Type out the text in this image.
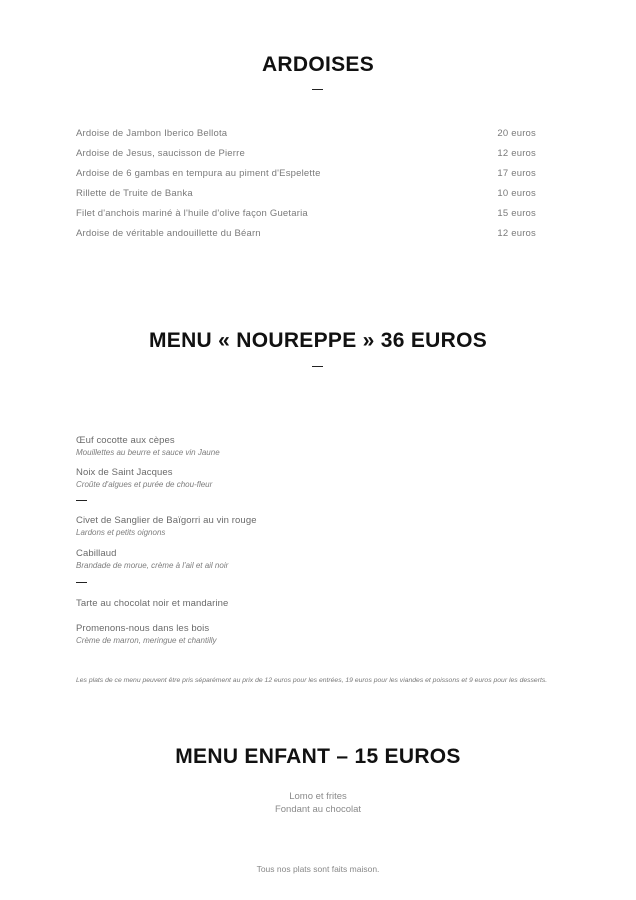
ARDOISES
Ardoise de Jambon Iberico Bellota	20 euros
Ardoise de Jesus, saucisson de Pierre	12 euros
Ardoise de 6 gambas en tempura au piment d'Espelette	17 euros
Rillette de Truite de Banka	10 euros
Filet d'anchois mariné à l'huile d'olive façon Guetaria	15 euros
Ardoise de véritable andouillette du Béarn	12 euros
MENU « NOUREPPE » 36 EUROS
Œuf cocotte aux cèpes
Mouillettes au beurre et sauce vin Jaune
Noix de Saint Jacques
Croûte d'algues et purée de chou-fleur
Civet de Sanglier de Baïgorri au vin rouge
Lardons et petits oignons
Cabillaud
Brandade de morue, crème à l'ail et ail noir
Tarte au chocolat noir et mandarine
Promenons-nous dans les bois
Crème de marron, meringue et chantilly
Les plats de ce menu peuvent être pris séparément au prix de 12 euros pour les entrées, 19 euros pour les viandes et poissons et 9 euros pour les desserts.
MENU ENFANT – 15 EUROS
Lomo et frites
Fondant au chocolat
Tous nos plats sont faits maison.
